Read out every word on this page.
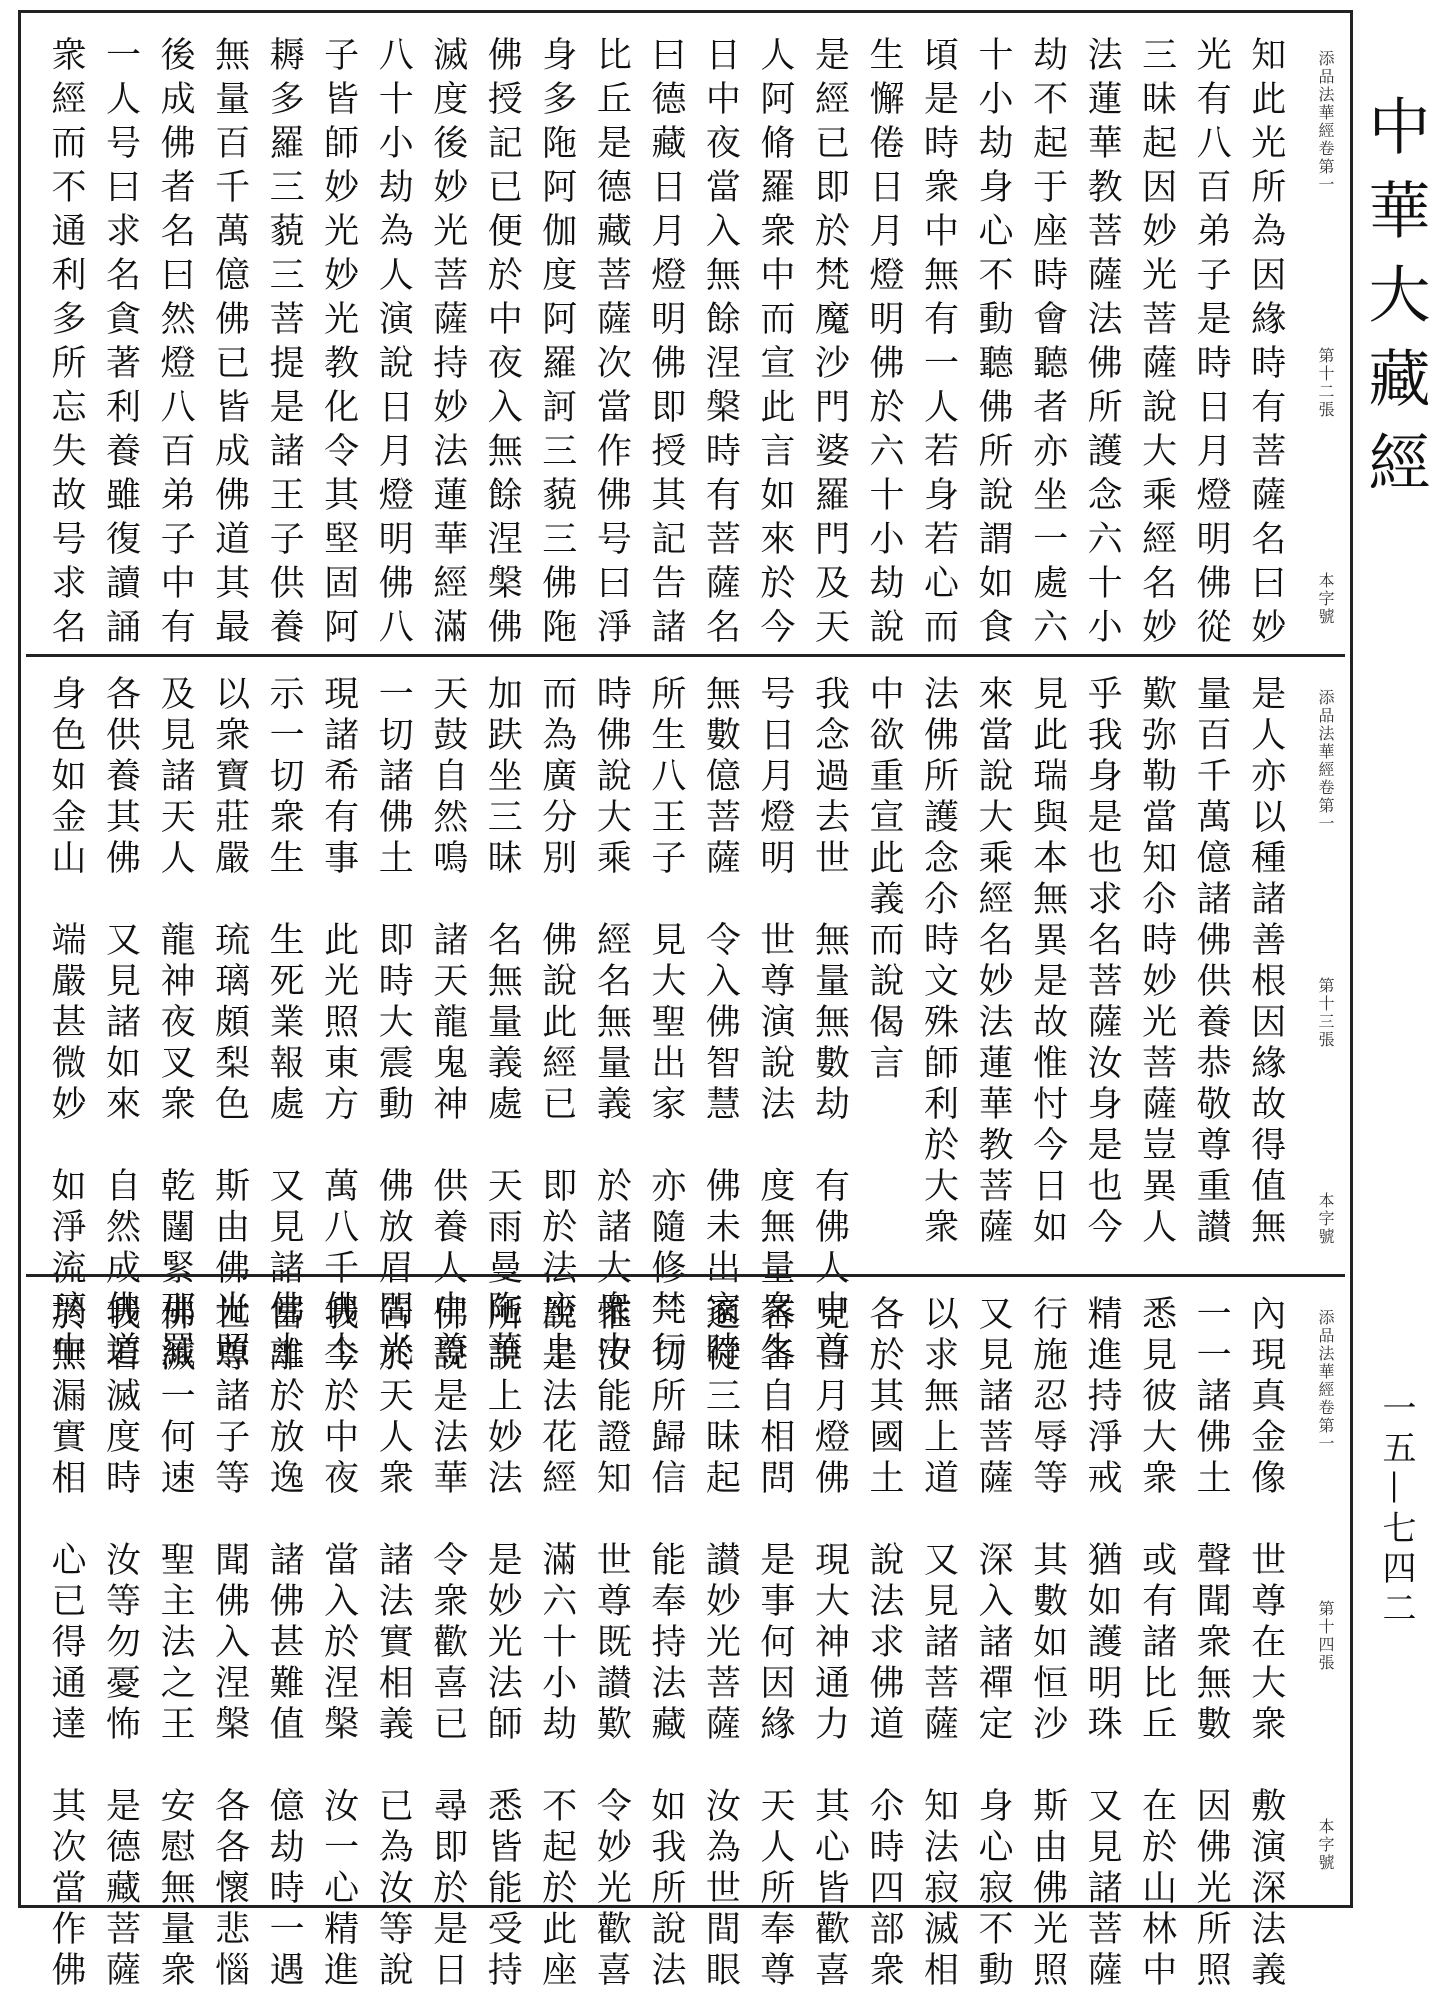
添品法華經卷第一
第十二張
本字號
知此光所為因緣時有菩薩名曰妙
光有八百弟子是時日月燈明佛從
三昧起因妙光菩薩說大乘經名妙
法蓮華教菩薩法佛所護念六十小
劫不起于座時會聽者亦坐一處六
十小劫身心不動聽佛所說謂如食
頃是時衆中無有一人若身若心而
生懈倦日月燈明佛於六十小劫說
是經已即於梵魔沙門婆羅門及天
人阿脩羅衆中而宣此言如來於今
日中夜當入無餘涅槃時有菩薩名
曰德藏日月燈明佛即授其記告諸
比丘是德藏菩薩次當作佛号曰淨
身多陁阿伽度阿羅訶三藐三佛陁
佛授記已便於中夜入無餘涅槃佛
滅度後妙光菩薩持妙法蓮華經滿
八十小劫為人演說日月燈明佛八
子皆師妙光妙光教化令其堅固阿
耨多羅三藐三菩提是諸王子供養
無量百千萬億佛已皆成佛道其最
後成佛者名曰然燈八百弟子中有
一人号曰求名貪著利養雖復讀誦
衆經而不通利多所忘失故号求名
添品法華經卷第一
第十三張
本字號
是人亦以種諸善根因緣故得值無
量百千萬億諸佛供養恭敬尊重讃
歎弥勒當知尒時妙光菩薩豈異人
乎我身是也求名菩薩汝身是也今
見此瑞與本無異是故惟忖今日如
來當說大乘經名妙法蓮華教菩薩
法佛所護念尒時文殊師利於大衆
中欲重宣此義而說偈言
我念過去世　無量無數劫　有佛人中尊
号日月燈明　世尊演說法　度無量衆生
無數億菩薩　令入佛智慧　佛未出家時
所生八王子　見大聖出家　亦隨修梵行
時佛說大乘　經名無量義　於諸大衆中
而為廣分別　佛說此經已　即於法座上
加趺坐三昧　名無量義處　天雨曼陁華
天鼓自然鳴　諸天龍鬼神　供養人中尊
一切諸佛土　即時大震動　佛放眉間光
現諸希有事　此光照東方　萬八千佛土
示一切衆生　生死業報處　又見諸佛土
以衆寶莊嚴　琉璃頗梨色　斯由佛光照
及見諸天人　龍神夜叉衆　乾闥緊那羅
各供養其佛　又見諸如來　自然成佛道
身色如金山　端嚴甚微妙　如淨流璃中
添品法華經卷第一
第十四張
本字號
內現真金像　世尊在大衆　敷演深法義
一一諸佛土　聲聞衆無數　因佛光所照
悉見彼大衆　或有諸比丘　在於山林中
精進持淨戒　猶如護明珠　又見諸菩薩
行施忍辱等　其數如恒沙　斯由佛光照
又見諸菩薩　深入諸禪定　身心寂不動
以求無上道　又見諸菩薩　知法寂滅相
各於其國土　說法求佛道　尒時四部衆
見日月燈佛　現大神通力　其心皆歡喜
各各自相問　是事何因緣　天人所奉尊
適從三昧起　讃妙光菩薩　汝為世間眼
一切所歸信　能奉持法藏　如我所說法
惟汝能證知　世尊既讃歎　令妙光歡喜
說是法花經　滿六十小劫　不起於此座
所說上妙法　是妙光法師　悉皆能受持
佛說是法華　令衆歡喜已　尋即於是日
告於天人衆　諸法實相義　已為汝等說
我今於中夜　當入於涅槃　汝一心精進
當離於放逸　諸佛甚難值　億劫時一遇
世尊諸子等　聞佛入涅槃　各各懷悲惱
佛滅一何速　聖主法之王　安慰無量衆
我若滅度時　汝等勿憂怖　是德藏菩薩
於無漏實相　心已得通達　其次當作佛
中華大藏經
一五—七四二
